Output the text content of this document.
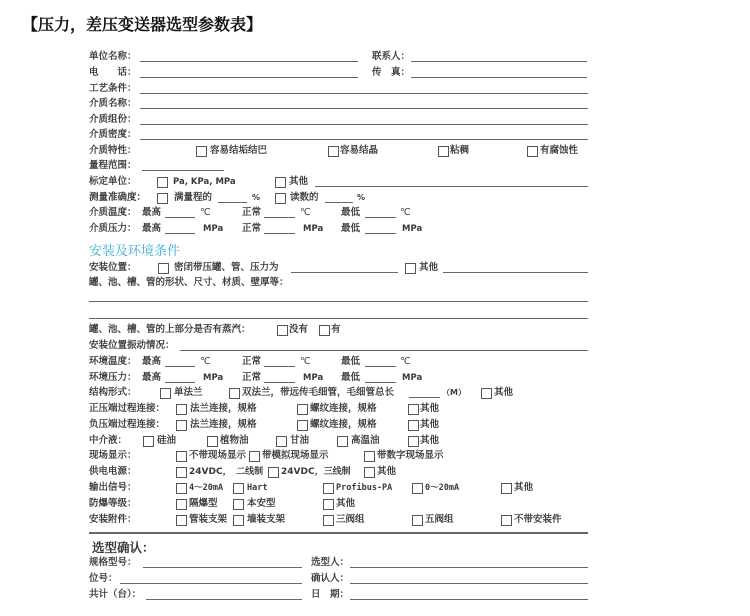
【压力，差压变送器选型参数表】
单位名称：	联系人：
电　　话：	传　真：
工艺条件：
介质名称：
介质组份：
介质密度：
介质特性：	容易结垢结巴	容易结晶	粘稠	有腐蚀性
量程范围：
标定单位：	Pa, KPa, MPa	其他
测量准确度：	满量程的	%	读数的	%
介质温度： 最高	℃	正常	℃	最低	℃
介质压力： 最高	MPa 正常	MPa 最低	MPa
安装及环境条件
安装位置：	密闭带压罐、管、压力为	其他
罐、池、槽、管的形状、尺寸、材质、壁厚等：
罐、池、槽、管的上部分是否有蒸汽：	没有 有
安装位置振动情况：
环境温度： 最高	℃	正常	℃	最低	℃
环境压力： 最高	MPa 正常	MPa 最低	MPa
结构形式：	单法兰	双法兰，带远传毛细管，毛细管总长	（M）	其他
正压端过程连接：	法兰连接，规格	螺纹连接，规格	其他
负压端过程连接：	法兰连接，规格	螺纹连接，规格	其他
中介液：	硅油	植物油	甘油	高温油	其他
现场显示：	不带现场显示 带模拟现场显示	带数字现场显示
供电电源：	24VDC，　二线制 24VDC，三线制	其他
输出信号：	4～20mA	Hart	Profibus-PA	0～20mA	其他
防爆等级：	隔爆型	本安型	其他
安装附件：	管装支架 墙装支架	三阀组	五阀组	不带安装件
选型确认：
规格型号：	选型人：
位号：	确认人：
共计（台）：	日　期：
